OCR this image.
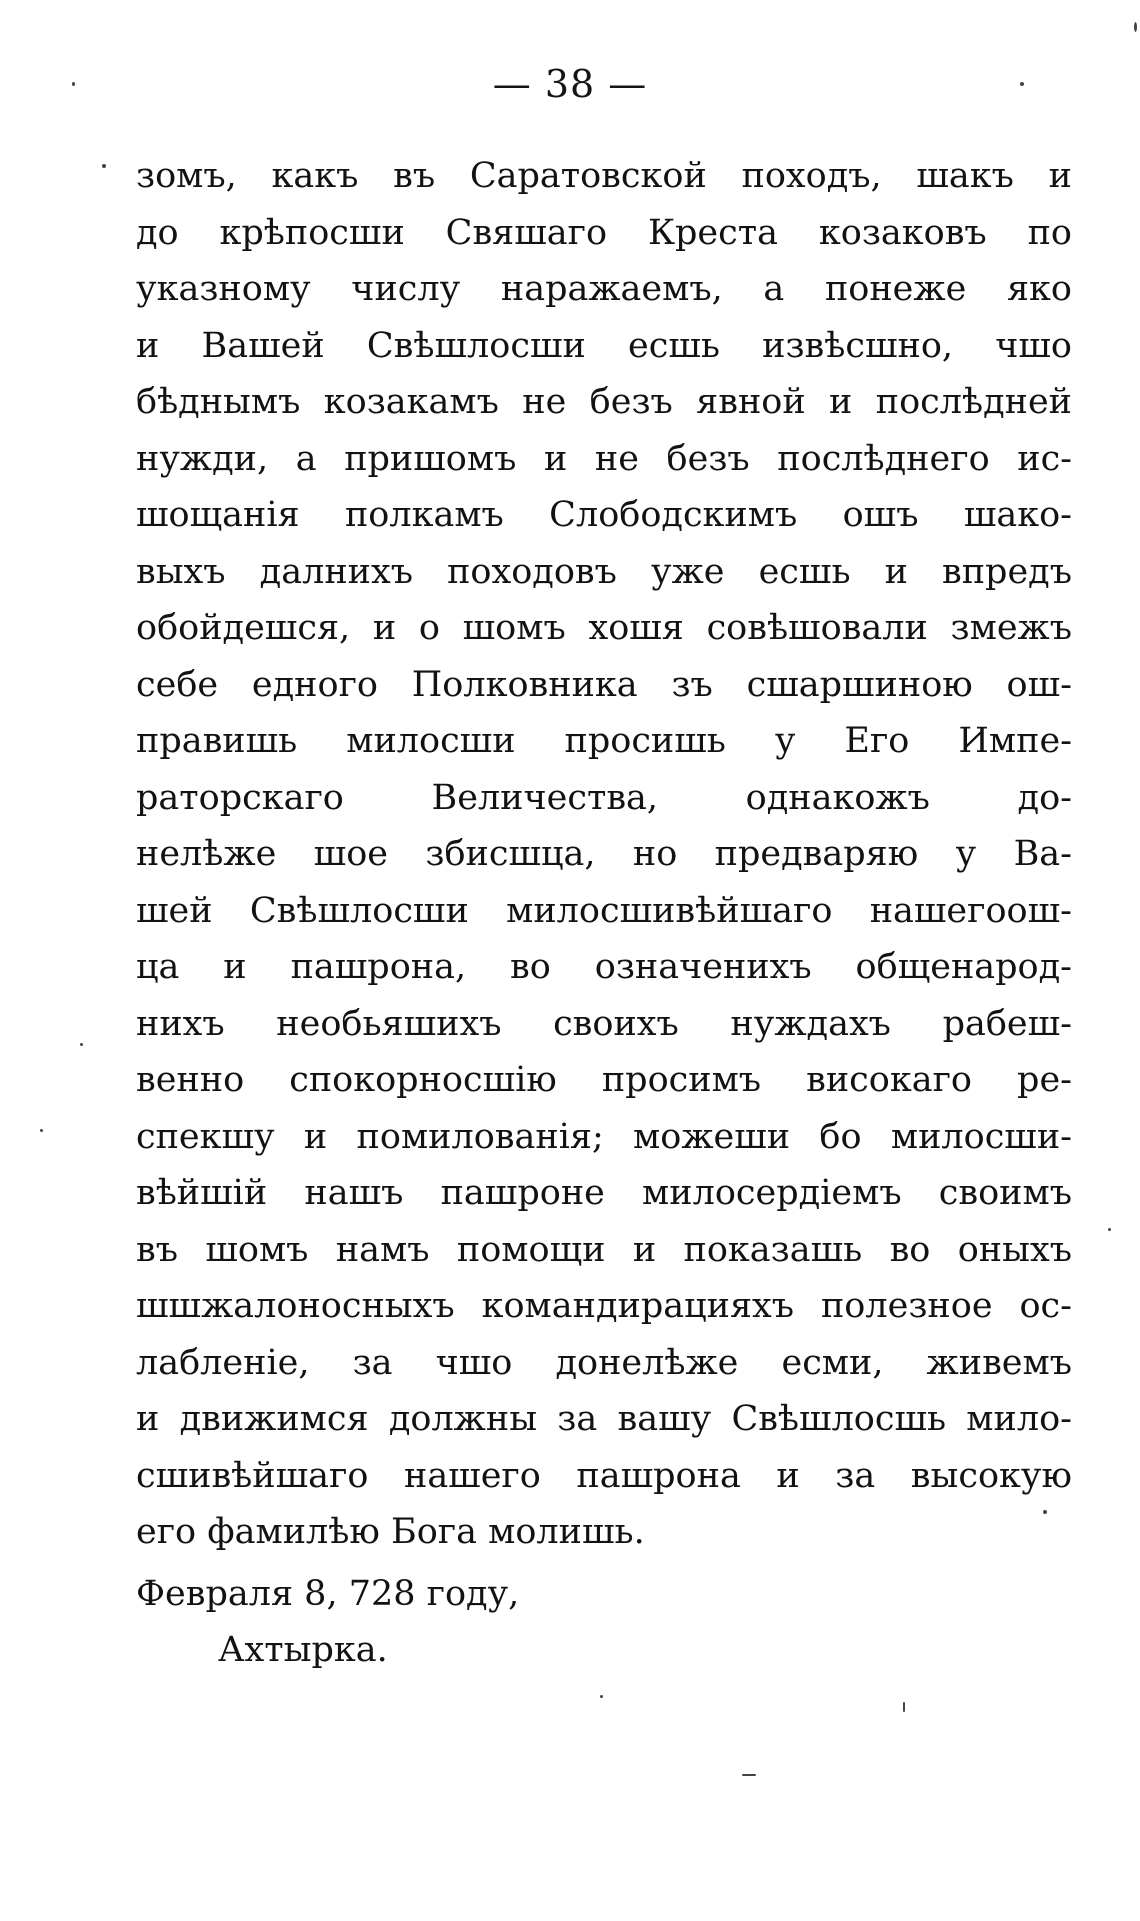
— 38 —
зомъ, какъ въ Саратовской походъ, шакъ и
до крѣпосши Свяшаго Креста козаковъ по
указному числу наражаемъ, а понеже яко
и Вашей Свѣшлосши есшь извѣсшно, чшо
бѣднымъ козакамъ не безъ явной и послѣдней
нужди, а пришомъ и не безъ послѣднего ис-
шощанія полкамъ Слободскимъ ошъ шако-
выхъ далнихъ походовъ уже есшь и впредъ
обойдешся, и о шомъ хошя совѣшовали змежъ
себе едного Полковника зъ сшаршиною ош-
правишь милосши просишь у Его Импе-
раторскаго Величества, однакожъ до-
нелѣже шое збисшца, но предваряю у Ва-
шей Свѣшлосши милосшивѣйшаго нашегоош-
ца и пашрона, во означенихъ общенарод-
нихъ необьяшихъ своихъ нуждахъ рабеш-
венно спокорносшію просимъ високаго ре-
спекшу и помилованія; можеши бо милосши-
вѣйшій нашъ пашроне милосердіемъ своимъ
въ шомъ намъ помощи и показашь во оныхъ
шшжалоносныхъ командирацияхъ полезное ос-
лабленіе, за чшо донелѣже есми, живемъ
и движимся должны за вашу Свѣшлосшь мило-
сшивѣйшаго нашего пашрона и за высокую
его фамилѣю Бога молишь.
Февраля 8, 728 году,
Ахтырка.
